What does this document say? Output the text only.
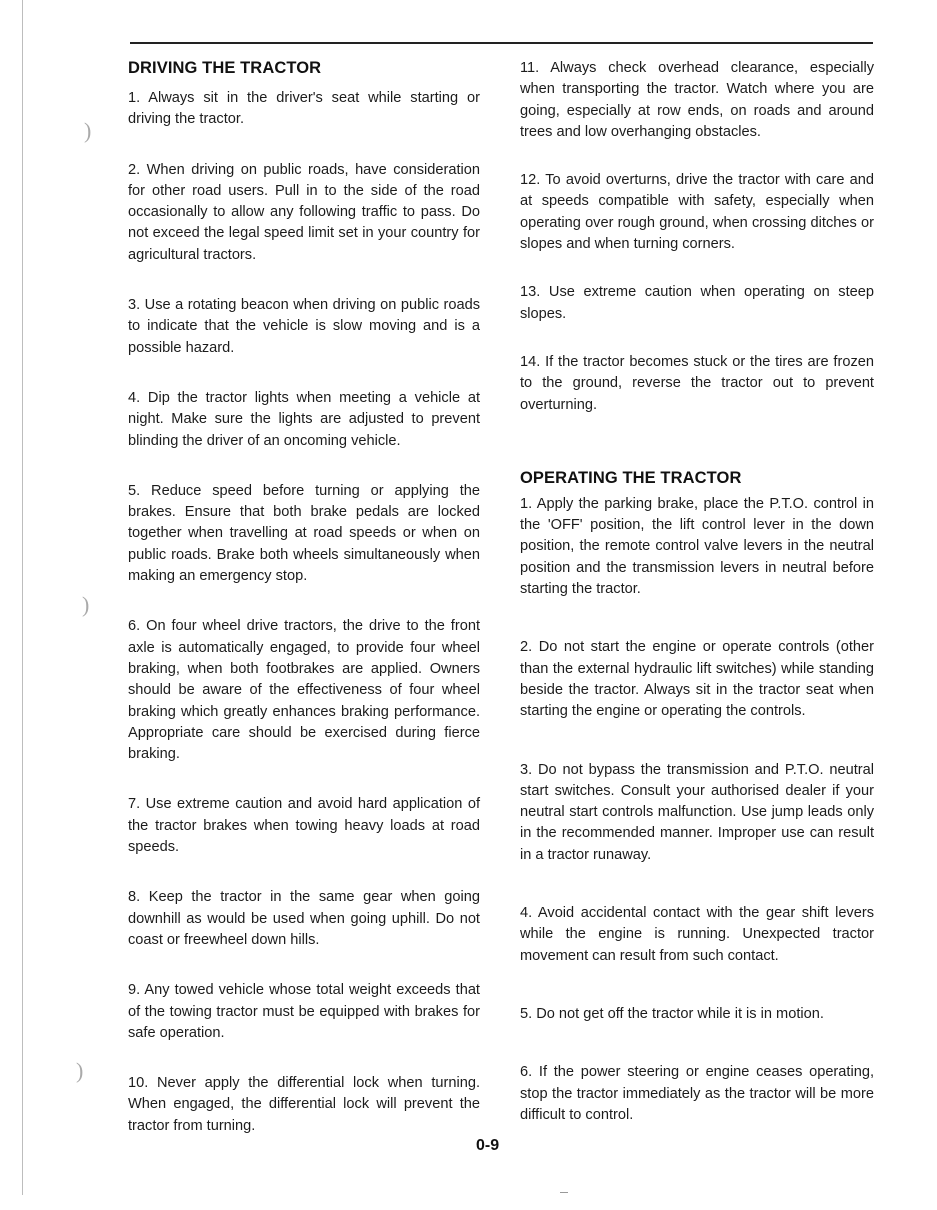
)
)
)
DRIVING THE TRACTOR

1. Always sit in the driver's seat while starting or driving the tractor.

2. When driving on public roads, have consideration for other road users. Pull in to the side of the road occasionally to allow any following traffic to pass. Do not exceed the legal speed limit set in your country for agricultural tractors.

3. Use a rotating beacon when driving on public roads to indicate that the vehicle is slow moving and is a possible hazard.

4. Dip the tractor lights when meeting a vehicle at night. Make sure the lights are adjusted to prevent blinding the driver of an oncoming vehicle.

5. Reduce speed before turning or applying the brakes. Ensure that both brake pedals are locked together when travelling at road speeds or when on public roads. Brake both wheels simultaneously when making an emergency stop.

6. On four wheel drive tractors, the drive to the front axle is automatically engaged, to provide four wheel braking, when both footbrakes are applied. Owners should be aware of the effectiveness of four wheel braking which greatly enhances braking performance. Appropriate care should be exercised during fierce braking.

7. Use extreme caution and avoid hard application of the tractor brakes when towing heavy loads at road speeds.

8. Keep the tractor in the same gear when going downhill as would be used when going uphill. Do not coast or freewheel down hills.

9. Any towed vehicle whose total weight exceeds that of the towing tractor must be equipped with brakes for safe operation.

10. Never apply the differential lock when turning. When engaged, the differential lock will prevent the tractor from turning.

11. Always check overhead clearance, especially when transporting the tractor. Watch where you are going, especially at row ends, on roads and around trees and low overhanging obstacles.

12. To avoid overturns, drive the tractor with care and at speeds compatible with safety, especially when operating over rough ground, when crossing ditches or slopes and when turning corners.

13. Use extreme caution when operating on steep slopes.

14. If the tractor becomes stuck or the tires are frozen to the ground, reverse the tractor out to prevent overturning.

OPERATING THE TRACTOR

1. Apply the parking brake, place the P.T.O. control in the 'OFF' position, the lift control lever in the down position, the remote control valve levers in the neutral position and the transmission levers in neutral before starting the tractor.

2. Do not start the engine or operate controls (other than the external hydraulic lift switches) while standing beside the tractor. Always sit in the tractor seat when starting the engine or operating the controls.

3. Do not bypass the transmission and P.T.O. neutral start switches. Consult your authorised dealer if your neutral start controls malfunction. Use jump leads only in the recommended manner. Improper use can result in a tractor runaway.

4. Avoid accidental contact with the gear shift levers while the engine is running. Unexpected tractor movement can result from such contact.

5. Do not get off the tractor while it is in motion.

6. If the power steering or engine ceases operating, stop the tractor immediately as the tractor will be more difficult to control.

0-9
